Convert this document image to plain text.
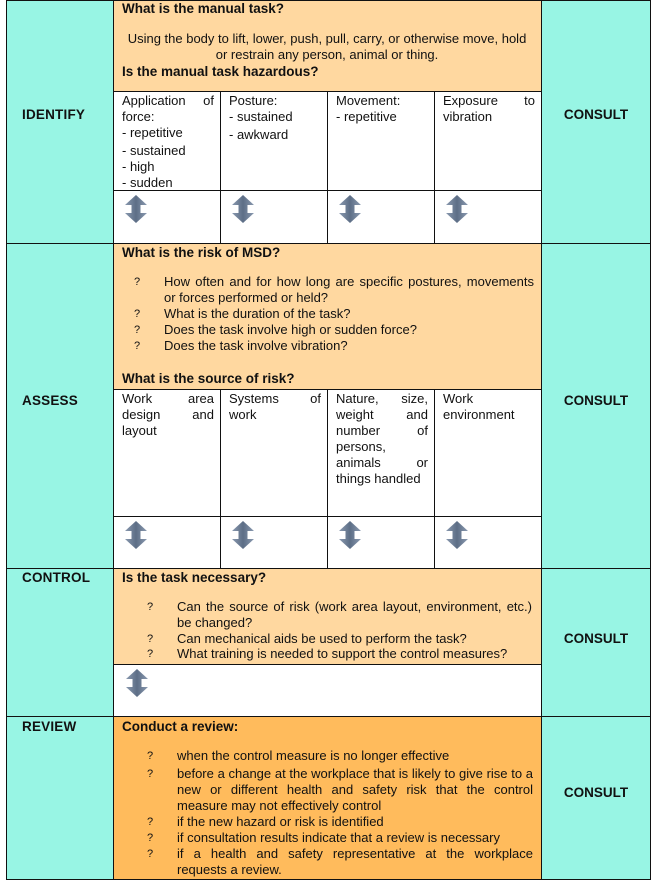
IDENTIFY	CONSULT
What is the manual task?
Using the body to lift, lower, push, pull, carry, or otherwise move, hold or restrain any person, animal or thing.
Is the manual task hazardous?
Application of force:
- repetitive
- sustained
- high
- sudden
Posture:
- sustained
- awkward
Movement:
- repetitive
Exposure to vibration
ASSESS	CONSULT
What is the risk of MSD?
? How often and for how long are specific postures, movements or forces performed or held?
? What is the duration of the task?
? Does the task involve high or sudden force?
? Does the task involve vibration?
What is the source of risk?
Work area design and layout
Systems of work
Nature, size, weight and number of persons, animals or things handled
Work environment
CONTROL
CONSULT
Is the task necessary?
? Can the source of risk (work area layout, environment, etc.) be changed?
? Can mechanical aids be used to perform the task?
? What training is needed to support the control measures?
REVIEW
CONSULT
Conduct a review:
? when the control measure is no longer effective
? before a change at the workplace that is likely to give rise to a new or different health and safety risk that the control measure may not effectively control
? if the new hazard or risk is identified
? if consultation results indicate that a review is necessary
? if a health and safety representative at the workplace requests a review.
